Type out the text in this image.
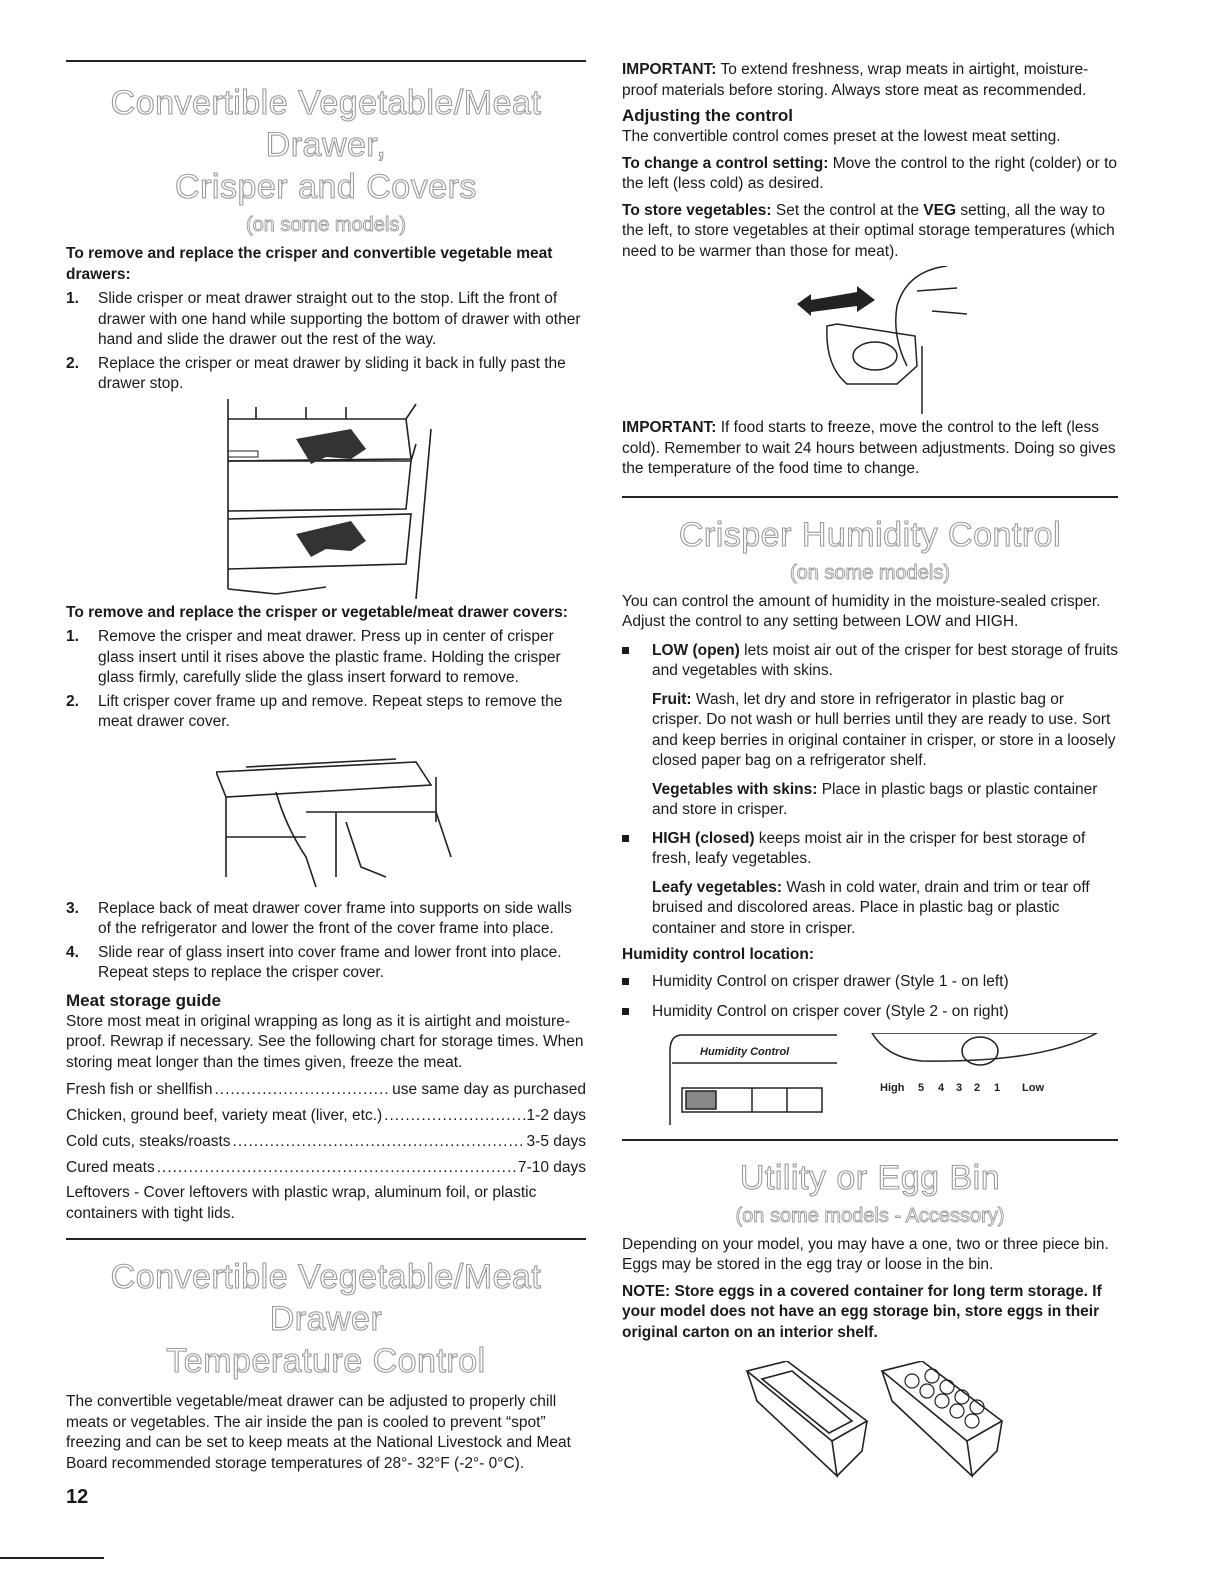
Convertible Vegetable/Meat Drawer,
Crisper and Covers
(on some models)

To remove and replace the crisper and convertible vegetable meat drawers:

1. Slide crisper or meat drawer straight out to the stop. Lift the front of drawer with one hand while supporting the bottom of drawer with other hand and slide the drawer out the rest of the way.
2. Replace the crisper or meat drawer by sliding it back in fully past the drawer stop.

To remove and replace the crisper or vegetable/meat drawer covers:

1. Remove the crisper and meat drawer. Press up in center of crisper glass insert until it rises above the plastic frame. Holding the crisper glass firmly, carefully slide the glass insert forward to remove.
2. Lift crisper cover frame up and remove. Repeat steps to remove the meat drawer cover.
3. Replace back of meat drawer cover frame into supports on side walls of the refrigerator and lower the front of the cover frame into place.
4. Slide rear of glass insert into cover frame and lower front into place. Repeat steps to replace the crisper cover.
Meat storage guide

Store most meat in original wrapping as long as it is airtight and moisture-proof. Rewrap if necessary. See the following chart for storage times. When storing meat longer than the times given, freeze the meat.

Fresh fish or shellfish .....	use same day as purchased
Chicken, ground beef, variety meat (liver, etc.) .....	1-2 days
Cold cuts, steaks/roasts .....	3-5 days
Cured meats .....	7-10 days

Leftovers - Cover leftovers with plastic wrap, aluminum foil, or plastic containers with tight lids.

Convertible Vegetable/Meat Drawer
Temperature Control

The convertible vegetable/meat drawer can be adjusted to properly chill meats or vegetables. The air inside the pan is cooled to prevent “spot” freezing and can be set to keep meats at the National Livestock and Meat Board recommended storage temperatures of 28°- 32°F (-2°- 0°C).

IMPORTANT: To extend freshness, wrap meats in airtight, moisture-proof materials before storing. Always store meat as recommended.

Adjusting the control

The convertible control comes preset at the lowest meat setting.

To change a control setting: Move the control to the right (colder) or to the left (less cold) as desired.

To store vegetables: Set the control at the VEG setting, all the way to the left, to store vegetables at their optimal storage temperatures (which need to be warmer than those for meat).

IMPORTANT: If food starts to freeze, move the control to the left (less cold). Remember to wait 24 hours between adjustments. Doing so gives the temperature of the food time to change.

Crisper Humidity Control
(on some models)

You can control the amount of humidity in the moisture-sealed crisper. Adjust the control to any setting between LOW and HIGH.

LOW (open) lets moist air out of the crisper for best storage of fruits and vegetables with skins.

Fruit: Wash, let dry and store in refrigerator in plastic bag or crisper. Do not wash or hull berries until they are ready to use. Sort and keep berries in original container in crisper, or store in a loosely closed paper bag on a refrigerator shelf.

Vegetables with skins: Place in plastic bags or plastic container and store in crisper.

HIGH (closed) keeps moist air in the crisper for best storage of fresh, leafy vegetables.

Leafy vegetables: Wash in cold water, drain and trim or tear off bruised and discolored areas. Place in plastic bag or plastic container and store in crisper.

Humidity control location:

Humidity Control on crisper drawer (Style 1 - on left)
Humidity Control on crisper cover (Style 2 - on right)
Humidity Control
High 5 4 3 2 1 Low
Utility or Egg Bin
(on some models - Accessory)

Depending on your model, you may have a one, two or three piece bin. Eggs may be stored in the egg tray or loose in the bin.

NOTE: Store eggs in a covered container for long term storage. If your model does not have an egg storage bin, store eggs in their original carton on an interior shelf.

12
